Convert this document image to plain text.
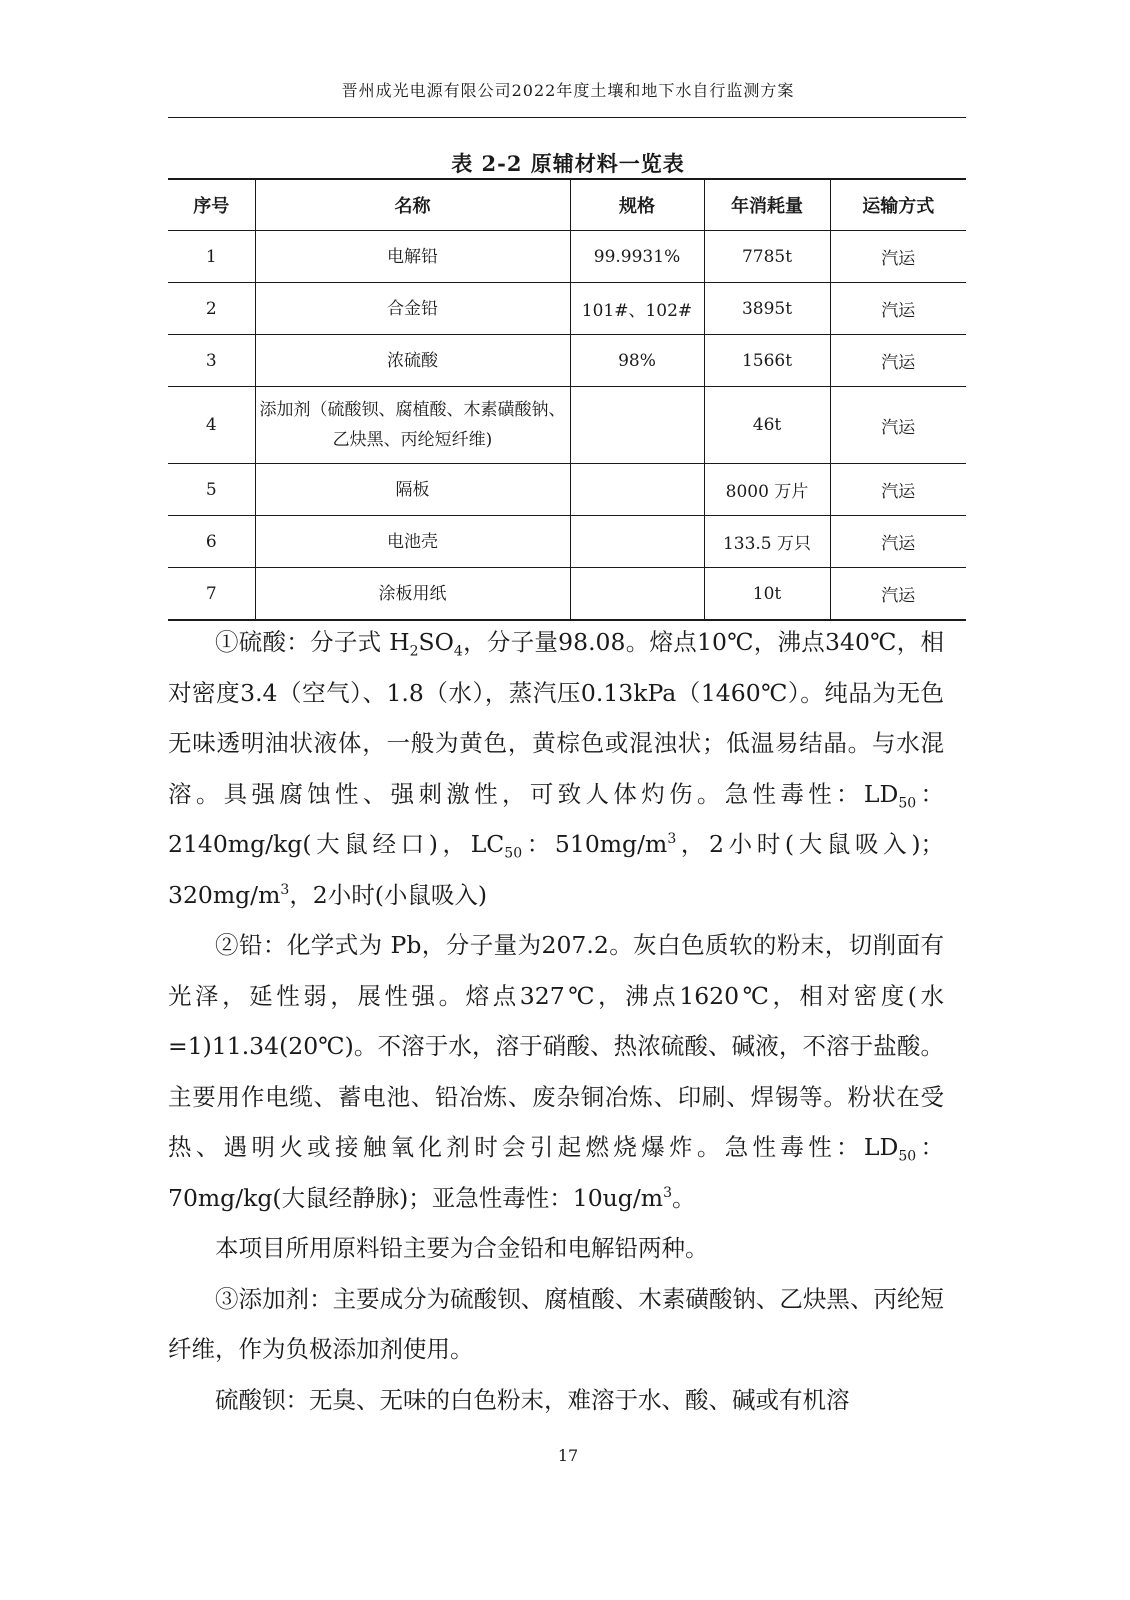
晋州成光电源有限公司2022年度土壤和地下水自行监测方案
表 2-2 原辅材料一览表
序号	名称	规格	年消耗量	运输方式
1	电解铅	99.9931%	7785t	汽运
2	合金铅	101#、102#	3895t	汽运
3	浓硫酸	98%	1566t	汽运
4	添加剂（硫酸钡、腐植酸、木素磺酸钠、乙炔黑、丙纶短纤维)		46t	汽运
5	隔板		8000 万片	汽运
6	电池壳		133.5 万只	汽运
7	涂板用纸		10t	汽运

①硫酸：分子式 $H_2SO_4$，分子量98.08。熔点10℃，沸点340℃，相对密度3.4（空气）、1.8（水），蒸汽压0.13kPa（1460℃）。纯品为无色无味透明油状液体，一般为黄色，黄棕色或混浊状；低温易结晶。与水混溶。具强腐蚀性、强刺激性，可致人体灼伤。急性毒性：$LD_{50}$：2140mg/kg(大鼠经口)，$LC_{50}$：$510mg/m^3$，2小时(大鼠吸入)；$320mg/m^3$，2小时(小鼠吸入)

②铅：化学式为 Pb，分子量为207.2。灰白色质软的粉末，切削面有光泽，延性弱，展性强。熔点327℃，沸点1620℃，相对密度(水=1)11.34(20℃)。不溶于水，溶于硝酸、热浓硫酸、碱液，不溶于盐酸。主要用作电缆、蓄电池、铅冶炼、废杂铜冶炼、印刷、焊锡等。粉状在受热、遇明火或接触氧化剂时会引起燃烧爆炸。急性毒性：$LD_{50}$：70mg/kg(大鼠经静脉)；亚急性毒性：$10ug/m^3$。

本项目所用原料铅主要为合金铅和电解铅两种。

③添加剂：主要成分为硫酸钡、腐植酸、木素磺酸钠、乙炔黑、丙纶短纤维，作为负极添加剂使用。

硫酸钡：无臭、无味的白色粉末，难溶于水、酸、碱或有机溶

17
